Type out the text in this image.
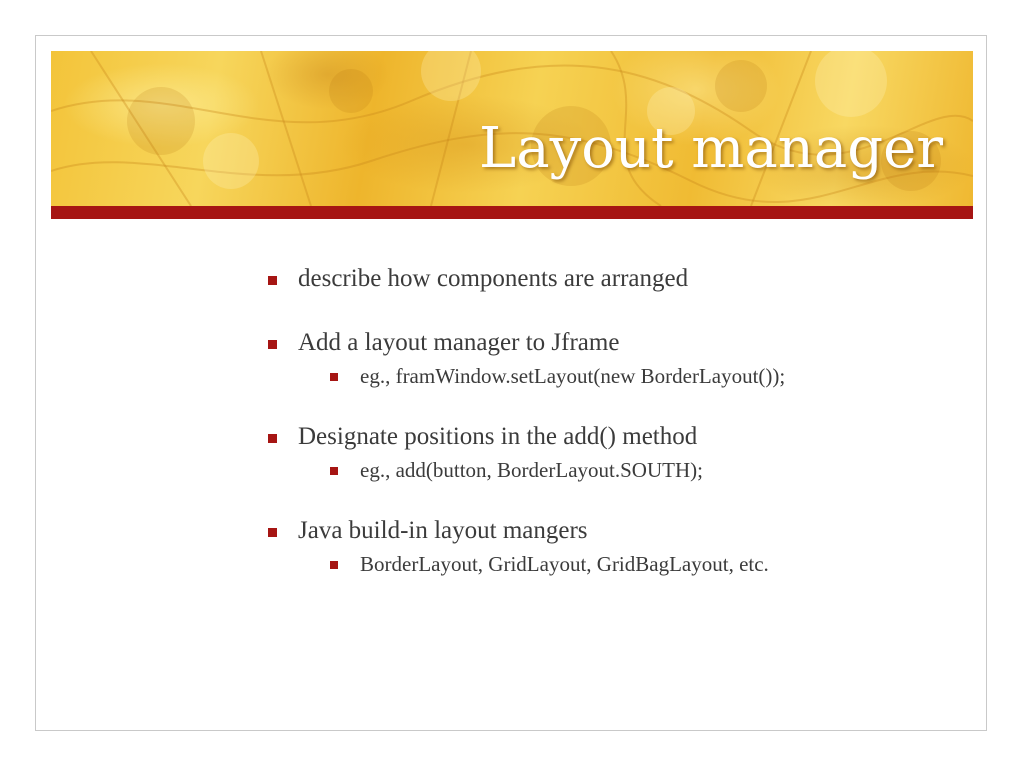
Layout manager
describe how components are arranged
Add a layout manager to Jframe
eg., framWindow.setLayout(new BorderLayout());
Designate positions in the add() method
eg., add(button, BorderLayout.SOUTH);
Java build-in layout mangers
BorderLayout, GridLayout, GridBagLayout, etc.
